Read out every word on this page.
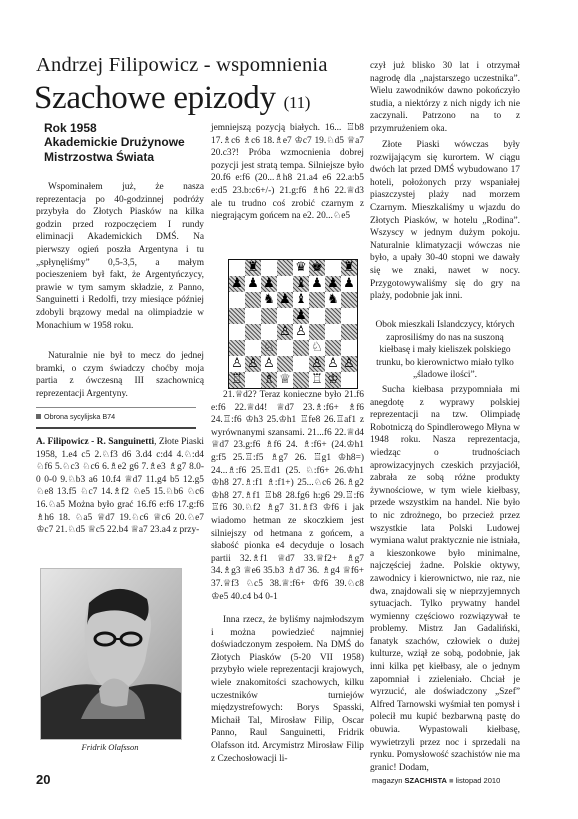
Andrzej Filipowicz - wspomnienia
Szachowe epizody (11)
Rok 1958
Akademickie Drużynowe
Mistrzostwa Świata

Wspominałem już, że nasza reprezentacja po 40-godzinnej podróży przybyła do Złotych Piasków na kilka godzin przed rozpoczęciem I rundy eliminacji Akademickich DMŚ. Na pierwszy ogień poszła Argentyna i tu „spłynęliśmy” 0,5-3,5, a małym pocieszeniem był fakt, że Argentyńczycy, prawie w tym samym składzie, z Panno, Sanguinetti i Redolfi, trzy miesiące później zdobyli brązowy medal na olimpiadzie w Monachium w 1958 roku.

Naturalnie nie był to mecz do jednej bramki, o czym świadczy choćby moja partia z ówczesną III szachownicą reprezentacji Argentyny.

Obrona sycylijska B74

A. Filipowicz - R. Sanguinetti, Złote Piaski 1958, 1.e4 c5 2.♘f3 d6 3.d4 c:d4 4.♘:d4 ♘f6 5.♘c3 ♘c6 6.♗e2 g6 7.♗e3 ♗g7 8.0-0 0-0 9.♘b3 a6 10.f4 ♕d7 11.g4 b5 12.g5 ♘e8 13.f5 ♘c7 14.♗f2 ♘e5 15.♘b6 ♘c6 16.♘a5 Można było grać 16.f6 e:f6 17.g:f6 ♗h6 18. ♘a5 ♕d7 19.♘c6 ♕c6 20.♘e7 ♔c7 21.♘d5 ♕c5 22.b4 ♕a7 23.a4 z przy-

Fridrik Olafsson

jemniejszą pozycją białych. 16... ♖b8 17.♗c6 ♗c6 18.♗e7 ♔c7 19.♘d5 ♕a7 20.c3?! Próba wzmocnienia dobrej pozycji jest stratą tempa. Silniejsze było 20.f6 e:f6 (20...♗h8 21.a4 e6 22.a:b5 e:d5 23.b:c6+/-) 21.g:f6 ♗h6 22.♕d3 ale tu trudno coś zrobić czarnym z niegrającym gońcem na e2. 20...♘e5

21.♕d2? Teraz konieczne było 21.f6 e:f6 22.♕d4! ♕d7 23.♗:f6+ ♗f6 24.♖:f6 ♔h3 25.♔h1 ♖fe8 26.♖af1 z wyrównanymi szansami. 21...f6 22.♕d4 ♕d7 23.g:f6 ♗f6 24. ♗:f6+ (24.♔h1 g:f5 25.♖:f5 ♗g7 26. ♖g1 ♔h8=) 24...♗:f6 25.♖d1 (25. ♘:f6+ 26.♔h1 ♔h8 27.♗:f1 ♗:f1+) 25...♘c6 26.♗g2 ♔h8 27.♗f1 ♖b8 28.fg6 h:g6 29.♖:f6 ♖f6 30.♘f2 ♗g7 31.♗f3 ♔f6 i jak wiadomo hetman ze skoczkiem jest silniejszy od hetmana z gońcem, a słabość pionka e4 decyduje o losach partii 32.♗f1 ♕d7 33.♕f2+ ♗g7 34.♗g3 ♕e6 35.b3 ♗d7 36. ♗g4 ♕f6+ 37.♕f3 ♘c5 38.♕:f6+ ♔f6 39.♘c8 ♔e5 40.c4 b4 0-1

Inna rzecz, że byliśmy najmłodszym i można powiedzieć najmniej doświadczonym zespołem. Na DMŚ do Złotych Piasków (5-20 VII 1958) przybyło wiele reprezentacji krajowych, wiele znakomitości szachowych, kilku uczestników turniejów międzystrefowych: Borys Spasski, Michaił Tal, Mirosław Filip, Oscar Panno, Raul Sanguinetti, Fridrik Olafsson itd. Arcymistrz Mirosław Filip z Czechosłowacji li-

♜	♛ ♚ ♜
♟ ♟ ♟ ♝ ♟ ♟ ♟
♞ ♟ ♝ ♞
♟
♙ ♙
♘	♘
♙ ♙ ♙	♙ ♙ ♙
♖ ♗ ♕ ♖ ♔

czył już blisko 30 lat i otrzymał nagrodę dla „najstarszego uczestnika”. Wielu zawodników dawno pokończyło studia, a niektórzy z nich nigdy ich nie zaczynali. Patrzono na to z przymrużeniem oka.

Złote Piaski wówczas były rozwijającym się kurortem. W ciągu dwóch lat przed DMŚ wybudowano 17 hoteli, położonych przy wspaniałej piaszczystej plaży nad morzem Czarnym. Mieszkaliśmy u wjazdu do Złotych Piasków, w hotelu „Rodina”. Wszyscy w jednym dużym pokoju. Naturalnie klimatyzacji wówczas nie było, a upały 30-40 stopni we dawały się we znaki, nawet w nocy. Przygotowywaliśmy się do gry na plaży, podobnie jak inni.

Obok mieszkali Islandczycy, których zaprosiliśmy do nas na suszoną kiełbasę i mały kieliszek polskiego trunku, bo kierownictwo miało tylko „śladowe ilości”.

Sucha kiełbasa przypomniała mi anegdotę z wyprawy polskiej reprezentacji na tzw. Olimpiadę Robotniczą do Spindlerowego Młyna w 1948 roku. Nasza reprezentacja, wiedząc o trudnościach aprowizacyjnych czeskich przyjaciół, zabrała ze sobą różne produkty żywnościowe, w tym wiele kiełbasy, przede wszystkim na handel. Nie było to nic zdrożnego, bo przecież przez wszystkie lata Polski Ludowej wymiana walut praktycznie nie istniała, a kieszonkowe było minimalne, najczęściej żadne. Polskie oktywy, zawodnicy i kierownictwo, nie raz, nie dwa, znajdowali się w nieprzyjemnych sytuacjach. Tylko prywatny handel wymienny częściowo rozwiązywał te problemy. Mistrz Jan Gadaliński, fanatyk szachów, człowiek o dużej kulturze, wziął ze sobą, podobnie, jak inni kilka pęt kiełbasy, ale o jednym zapomniał i zzieleniało. Chciał je wyrzucić, ale doświadczony „Szef” Alfred Tarnowski wyśmiał ten pomysł i polecił mu kupić bezbarwną pastę do obuwia. Wypastowali kiełbasę, wywietrzyli przez noc i sprzedali na rynku. Pomysłowość szachistów nie ma granic! Dodam,

20	magazyn SZACHISTA ■ listopad 2010
